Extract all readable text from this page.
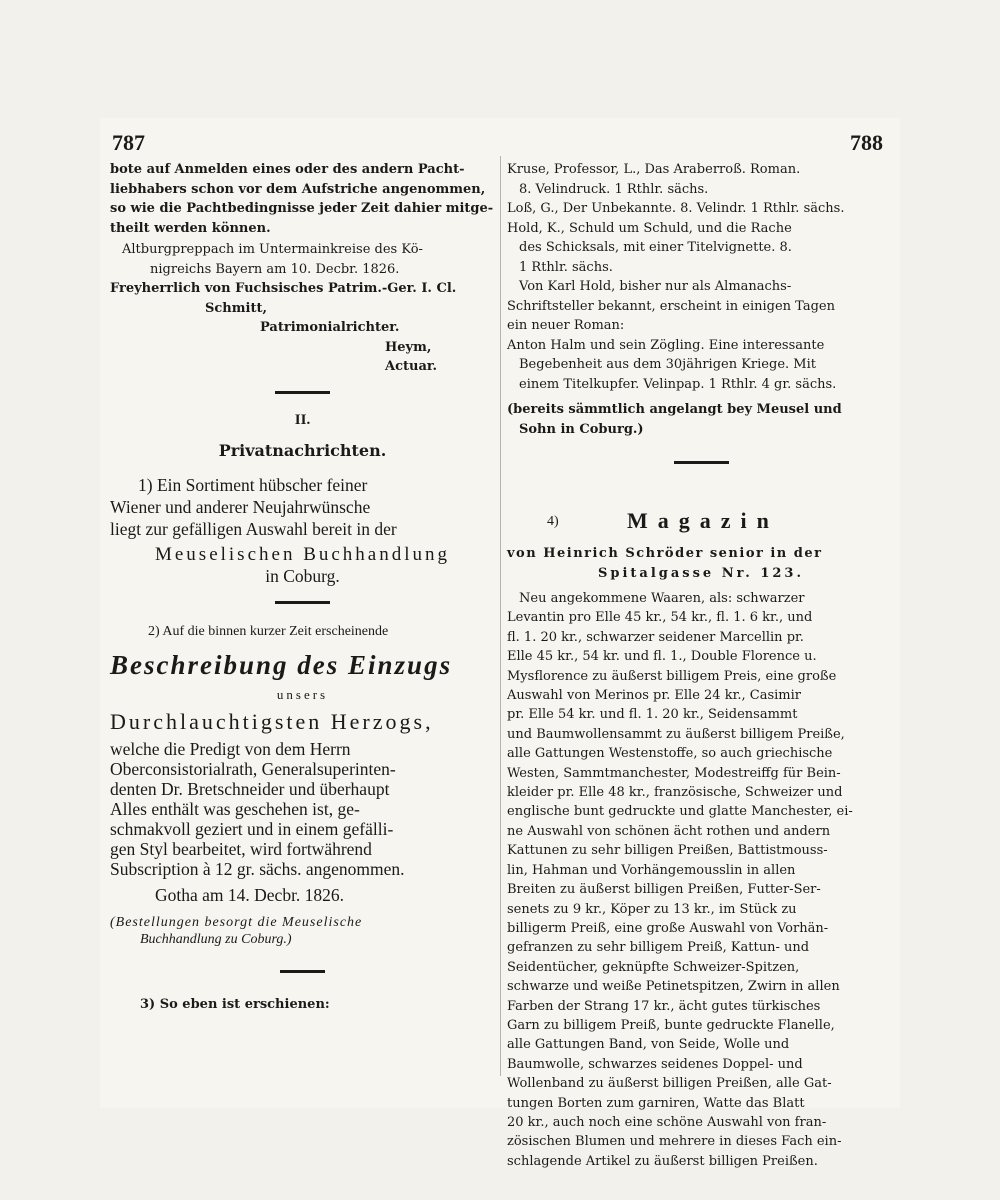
787	788
bote auf Anmelden eines oder des andern Pacht-
liebhabers schon vor dem Aufstriche angenommen,
so wie die Pachtbedingnisse jeder Zeit dahier mitge-
theilt werden können.
Altburgpreppach im Untermainkreise des Kö-
nigreichs Bayern am 10. Decbr. 1826.
Freyherrlich von Fuchsisches Patrim.-Ger. I. Cl.
Schmitt,
Patrimonialrichter.
Heym,
Actuar.
II.
Privatnachrichten.
1) Ein Sortiment hübscher feiner
Wiener und anderer Neujahrwünsche
liegt zur gefälligen Auswahl bereit in der
Meuselischen Buchhandlung
in Coburg.
2) Auf die binnen kurzer Zeit erscheinende
Beschreibung des Einzugs
unsers
Durchlauchtigsten Herzogs,
welche die Predigt von dem Herrn
Oberconsistorialrath, Generalsuperinten-
denten Dr. Bretschneider und überhaupt
Alles enthält was geschehen ist, ge-
schmakvoll geziert und in einem gefälli-
gen Styl bearbeitet, wird fortwährend
Subscription à 12 gr. sächs. angenommen.
Gotha am 14. Decbr. 1826.
(Bestellungen besorgt die Meuselische
Buchhandlung zu Coburg.)
3) So eben ist erschienen:
Kruse, Professor, L., Das Araberroß. Roman.
8. Velindruck. 1 Rthlr. sächs.
Loß, G., Der Unbekannte. 8. Velindr. 1 Rthlr. sächs.
Hold, K., Schuld um Schuld, und die Rache
des Schicksals, mit einer Titelvignette. 8.
1 Rthlr. sächs.
Von Karl Hold, bisher nur als Almanachs-
Schriftsteller bekannt, erscheint in einigen Tagen
ein neuer Roman:
Anton Halm und sein Zögling. Eine interessante
Begebenheit aus dem 30jährigen Kriege. Mit
einem Titelkupfer. Velinpap. 1 Rthlr. 4 gr. sächs.
(bereits sämmtlich angelangt bey Meusel und
Sohn in Coburg.)
4)	Magazin
von Heinrich Schröder senior in der
Spitalgasse Nr. 123.
Neu angekommene Waaren, als: schwarzer
Levantin pro Elle 45 kr., 54 kr., fl. 1. 6 kr., und
fl. 1. 20 kr., schwarzer seidener Marcellin pr.
Elle 45 kr., 54 kr. und fl. 1., Double Florence u.
Mysflorence zu äußerst billigem Preis, eine große
Auswahl von Merinos pr. Elle 24 kr., Casimir
pr. Elle 54 kr. und fl. 1. 20 kr., Seidensammt
und Baumwollensammt zu äußerst billigem Preiße,
alle Gattungen Westenstoffe, so auch griechische
Westen, Sammtmanchester, Modestreiffg für Bein-
kleider pr. Elle 48 kr., französische, Schweizer und
englische bunt gedruckte und glatte Manchester, ei-
ne Auswahl von schönen ächt rothen und andern
Kattunen zu sehr billigen Preißen, Battistmouss-
lin, Hahman und Vorhängemousslin in allen
Breiten zu äußerst billigen Preißen, Futter-Ser-
senets zu 9 kr., Köper zu 13 kr., im Stück zu
billigerm Preiß, eine große Auswahl von Vorhän-
gefranzen zu sehr billigem Preiß, Kattun- und
Seidentücher, geknüpfte Schweizer-Spitzen,
schwarze und weiße Petinetspitzen, Zwirn in allen
Farben der Strang 17 kr., ächt gutes türkisches
Garn zu billigem Preiß, bunte gedruckte Flanelle,
alle Gattungen Band, von Seide, Wolle und
Baumwolle, schwarzes seidenes Doppel- und
Wollenband zu äußerst billigen Preißen, alle Gat-
tungen Borten zum garniren, Watte das Blatt
20 kr., auch noch eine schöne Auswahl von fran-
zösischen Blumen und mehrere in dieses Fach ein-
schlagende Artikel zu äußerst billigen Preißen.
